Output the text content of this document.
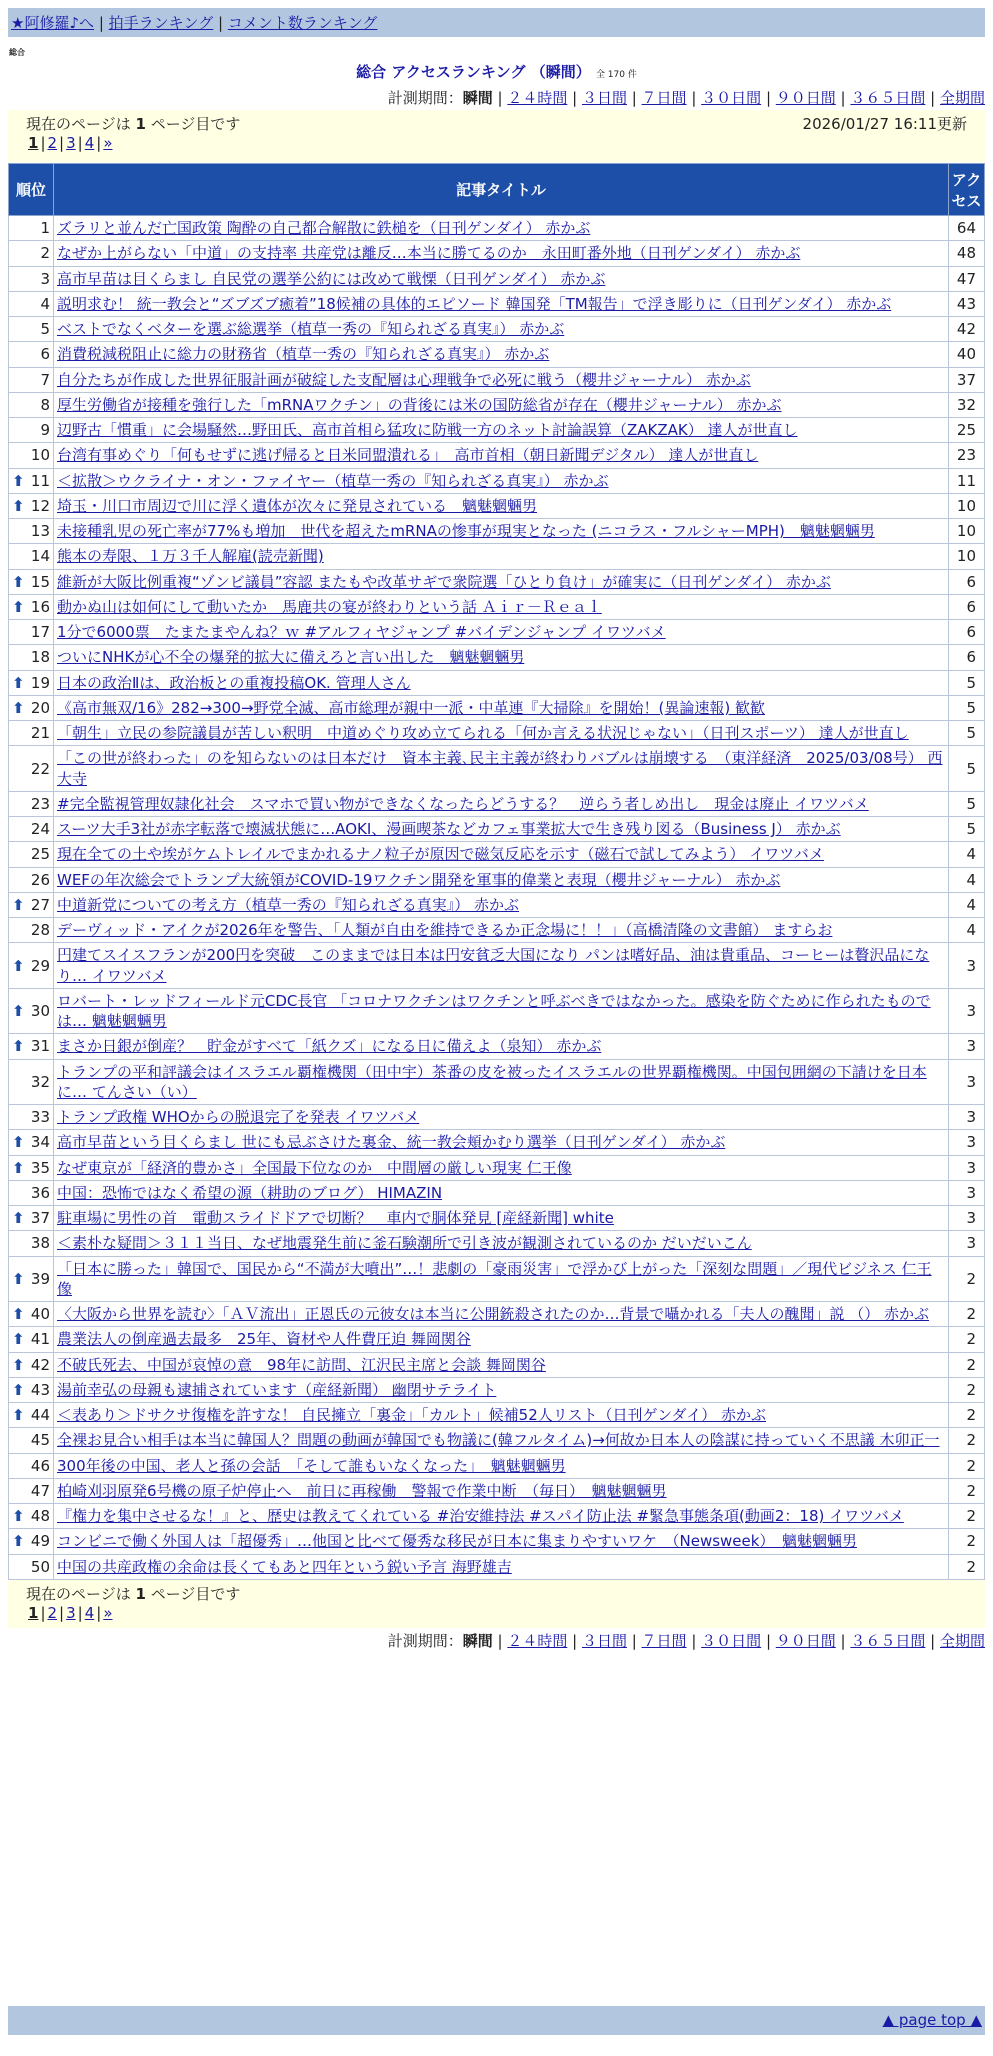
★阿修羅♪へ | 拍手ランキング | コメント数ランキング
総合
総合 アクセスランキング （瞬間） 全 170 件
計測期間：瞬間 | ２４時間 | ３日間 | ７日間 | ３０日間 | ９０日間 | ３６５日間 | 全期間
現在のページは 1 ページ目です	2026/01/27 16:11更新
1 | 2 | 3 | 4 | »
順位	記事タイトル	アクセス
1	ズラリと並んだ亡国政策 陶酔の自己都合解散に鉄槌を（日刊ゲンダイ） 赤かぶ	64
2	なぜか上がらない「中道」の支持率 共産党は離反…本当に勝てるのか　永田町番外地（日刊ゲンダイ） 赤かぶ	48
3	高市早苗は目くらまし 自民党の選挙公約には改めて戦慄（日刊ゲンダイ） 赤かぶ	47
4	説明求む！ 統一教会と“ズブズブ癒着”18候補の具体的エピソード 韓国発「TM報告」で浮き彫りに（日刊ゲンダイ） 赤かぶ	43
5	ベストでなくベターを選ぶ総選挙（植草一秀の『知られざる真実』） 赤かぶ	42
6	消費税減税阻止に総力の財務省（植草一秀の『知られざる真実』） 赤かぶ	40
7	自分たちが作成した世界征服計画が破綻した支配層は心理戦争で必死に戦う（櫻井ジャーナル） 赤かぶ	37
8	厚生労働省が接種を強行した「mRNAワクチン」の背後には米の国防総省が存在（櫻井ジャーナル） 赤かぶ	32
9	辺野古「慣重」に会場騒然…野田氏、高市首相ら猛攻に防戦一方のネット討論誤算（ZAKZAK） 達人が世直し	25
10	台湾有事めぐり「何もせずに逃げ帰ると日米同盟潰れる」　高市首相（朝日新聞デジタル） 達人が世直し	23

⬆ 11	＜拡散＞ウクライナ・オン・ファイヤー（植草一秀の『知られざる真実』） 赤かぶ	11

⬆ 12	埼玉・川口市周辺で川に浮く遺体が次々に発見されている　魑魅魍魎男	10
13	未接種乳児の死亡率が77%も増加　世代を超えたmRNAの惨事が現実となった (ニコラス・フルシャーMPH)　魑魅魍魎男	10
14	熊本の寿限、１万３千人解雇(読売新聞)	10

⬆ 15	維新が大阪比例重複“ゾンビ議員”容認 またもや改革サギで衆院選「ひとり負け」が確実に（日刊ゲンダイ） 赤かぶ	6

⬆ 16	動かぬ山は如何にして動いたか　馬鹿共の宴が終わりという話 Ａｉｒ－Ｒｅａｌ	6
17	1分で6000票　たまたまやんね？ｗ #アルフィヤジャンプ #バイデンジャンプ イワツバメ	6
18	ついにNHKが心不全の爆発的拡大に備えろと言い出した　魑魅魍魎男	6

⬆ 19	日本の政治Ⅱは、政治板との重複投稿OK. 管理人さん	5

⬆ 20	《高市無双/16》282→300→野党全滅、高市総理が親中一派・中革連『大掃除』を開始！(異論速報) 歓歓	5
21	「朝生」立民の参院議員が苦しい釈明　中道めぐり攻め立てられる「何か言える状況じゃない」（日刊スポーツ） 達人が世直し	5
22	「この世が終わった」のを知らないのは日本だけ　資本主義､民主主義が終わりバブルは崩壊する　（東洋経済　2025/03/08号） 西大寺	5
23	#完全監視管理奴隷化社会　スマホで買い物ができなくなったらどうする？　逆らう者しめ出し　現金は廃止 イワツバメ	5
24	スーツ大手3社が赤字転落で壊滅状態に…AOKI、漫画喫茶などカフェ事業拡大で生き残り図る（Business J） 赤かぶ	5
25	現在全ての土や埃がケムトレイルでまかれるナノ粒子が原因で磁気反応を示す（磁石で試してみよう） イワツバメ	4
26	WEFの年次総会でトランプ大統領がCOVID-19ワクチン開発を軍事的偉業と表現（櫻井ジャーナル） 赤かぶ	4

⬆ 27	中道新党についての考え方（植草一秀の『知られざる真実』） 赤かぶ	4
28	デーヴィッド・アイクが2026年を警告、「人類が自由を維持できるか正念場に！！」（高橋清隆の文書館） ますらお	4

⬆ 29	円建てスイスフランが200円を突破　このままでは日本は円安貧乏大国になり パンは嗜好品、油は貴重品、コーヒーは贅沢品になり… イワツバメ	3

⬆ 30	ロバート・レッドフィールド元CDC長官 「コロナワクチンはワクチンと呼ぶべきではなかった。感染を防ぐために作られたものでは… 魑魅魍魎男	3

⬆ 31	まさか日銀が倒産？　貯金がすべて「紙クズ」になる日に備えよ（泉知） 赤かぶ	3
32	トランプの平和評議会はイスラエル覇権機関（田中宇）茶番の皮を被ったイスラエルの世界覇権機関。中国包囲網の下請けを日本に… てんさい（い）	3
33	トランプ政権 WHOからの脱退完了を発表 イワツバメ	3

⬆ 34	高市早苗という目くらまし 世にも忌ぶさけた裏金、統一教会頬かむり選挙（日刊ゲンダイ） 赤かぶ	3

⬆ 35	なぜ東京が「経済的豊かさ」全国最下位なのか　中間層の厳しい現実 仁王像	3
36	中国：恐怖ではなく希望の源（耕助のブログ） HIMAZIN	3

⬆ 37	駐車場に男性の首　電動スライドドアで切断？　車内で胴体発見 [産経新聞] white	3
38	＜素朴な疑問＞３１１当日、なぜ地震発生前に釜石験潮所で引き波が観測されているのか だいだいこん	3

⬆ 39	「日本に勝った」韓国で、国民から“不満が大噴出”…！悲劇の「豪雨災害」で浮かび上がった「深刻な問題」／現代ビジネス 仁王像	2

⬆ 40	〈大阪から世界を読む〉「ＡＶ流出」正恩氏の元彼女は本当に公開銃殺されたのか…背景で囁かれる「夫人の醜聞」説 （） 赤かぶ	2

⬆ 41	農業法人の倒産過去最多　25年、資材や人件費圧迫 舞岡関谷	2

⬆ 42	不破氏死去、中国が哀悼の意　98年に訪問、江沢民主席と会談 舞岡関谷	2

⬆ 43	湯前幸弘の母親も逮捕されています（産経新聞） 幽閉サテライト	2

⬆ 44	＜表あり＞ドサクサ復権を許すな！ 自民擁立「裏金」「カルト」候補52人リスト（日刊ゲンダイ） 赤かぶ	2
45	全裸お見合い相手は本当に韓国人？問題の動画が韓国でも物議に(韓フルタイム)→何故か日本人の陰謀に持っていく不思議 木卯正一	2
46	300年後の中国、老人と孫の会話　「そして誰もいなくなった」　魑魅魍魎男	2
47	柏崎刈羽原発6号機の原子炉停止へ　前日に再稼働　警報で作業中断　（毎日）　魑魅魍魎男	2

⬆ 48	『権力を集中させるな！』と、歴史は教えてくれている #治安維持法 #スパイ防止法 #緊急事態条項(動画2：18) イワツバメ	2

⬆ 49	コンビニで働く外国人は「超優秀」…他国と比べて優秀な移民が日本に集まりやすいワケ　（Newsweek）　魑魅魍魎男	2
50	中国の共産政権の余命は長くてもあと四年という鋭い予言 海野雄吉	2
現在のページは 1 ページ目です
1 | 2 | 3 | 4 | »
計測期間：瞬間 | ２４時間 | ３日間 | ７日間 | ３０日間 | ９０日間 | ３６５日間 | 全期間
▲ page top ▲
